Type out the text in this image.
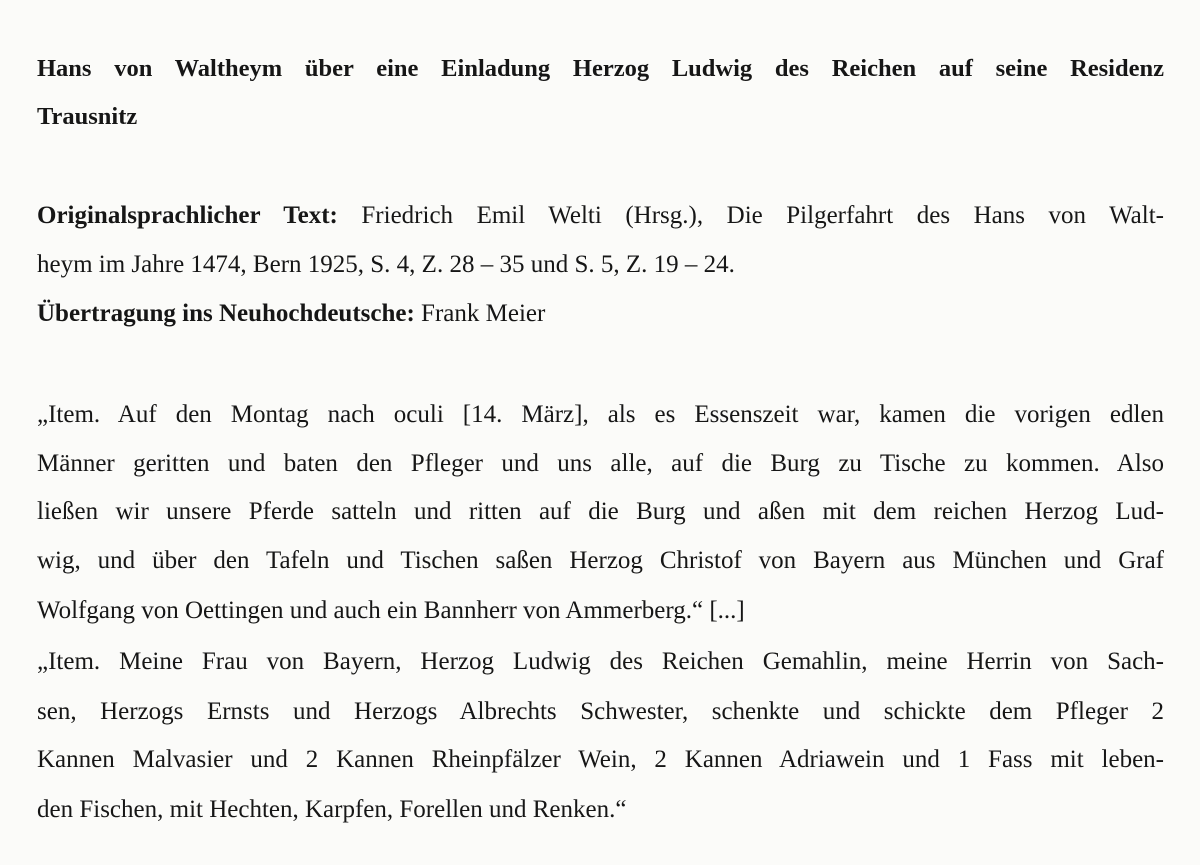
Hans von Waltheym über eine Einladung Herzog Ludwig des Reichen auf seine Residenz
Trausnitz
Originalsprachlicher Text: Friedrich Emil Welti (Hrsg.), Die Pilgerfahrt des Hans von Walt-
heym im Jahre 1474, Bern 1925, S. 4, Z. 28 – 35 und S. 5, Z. 19 – 24.
Übertragung ins Neuhochdeutsche: Frank Meier
„Item. Auf den Montag nach oculi [14. März], als es Essenszeit war, kamen die vorigen edlen
Männer geritten und baten den Pfleger und uns alle, auf die Burg zu Tische zu kommen. Also
ließen wir unsere Pferde satteln und ritten auf die Burg und aßen mit dem reichen Herzog Lud-
wig, und über den Tafeln und Tischen saßen Herzog Christof von Bayern aus München und Graf
Wolfgang von Oettingen und auch ein Bannherr von Ammerberg.“ [...]
„Item. Meine Frau von Bayern, Herzog Ludwig des Reichen Gemahlin, meine Herrin von Sach-
sen, Herzogs Ernsts und Herzogs Albrechts Schwester, schenkte und schickte dem Pfleger 2
Kannen Malvasier und 2 Kannen Rheinpfälzer Wein, 2 Kannen Adriawein und 1 Fass mit leben-
den Fischen, mit Hechten, Karpfen, Forellen und Renken.“
